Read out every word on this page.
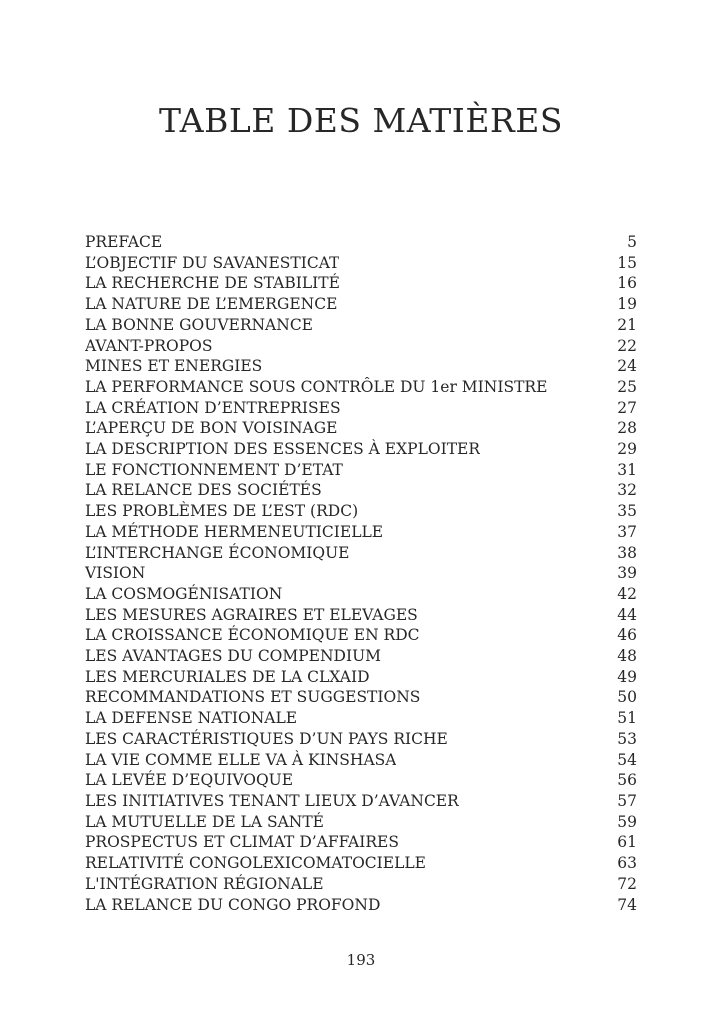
TABLE DES MATIÈRES
PREFACE	5
L’OBJECTIF DU SAVANESTICAT	15
LA RECHERCHE DE STABILITÉ	16
LA NATURE DE L’EMERGENCE	19
LA BONNE GOUVERNANCE	21
AVANT-PROPOS	22
MINES ET ENERGIES	24
LA PERFORMANCE SOUS CONTRÔLE DU 1er MINISTRE	25
LA CRÉATION D’ENTREPRISES	27
L’APERÇU DE BON VOISINAGE	28
LA DESCRIPTION DES ESSENCES À EXPLOITER	29
LE FONCTIONNEMENT D’ETAT	31
LA RELANCE DES SOCIÉTÉS	32
LES PROBLÈMES DE L’EST (RDC)	35
LA MÉTHODE HERMENEUTICIELLE	37
L’INTERCHANGE ÉCONOMIQUE	38
VISION	39
LA COSMOGÉNISATION	42
LES MESURES AGRAIRES ET ELEVAGES	44
LA CROISSANCE ÉCONOMIQUE EN RDC	46
LES AVANTAGES DU COMPENDIUM	48
LES MERCURIALES DE LA CLXAID	49
RECOMMANDATIONS ET SUGGESTIONS	50
LA DEFENSE NATIONALE	51
LES CARACTÉRISTIQUES D’UN PAYS RICHE	53
LA VIE COMME ELLE VA À KINSHASA	54
LA LEVÉE D’EQUIVOQUE	56
LES INITIATIVES TENANT LIEUX D’AVANCER	57
LA MUTUELLE DE LA SANTÉ	59
PROSPECTUS ET CLIMAT D’AFFAIRES	61
RELATIVITÉ CONGOLEXICOMATOCIELLE	63
L'INTÉGRATION RÉGIONALE	72
LA RELANCE DU CONGO PROFOND	74
193
